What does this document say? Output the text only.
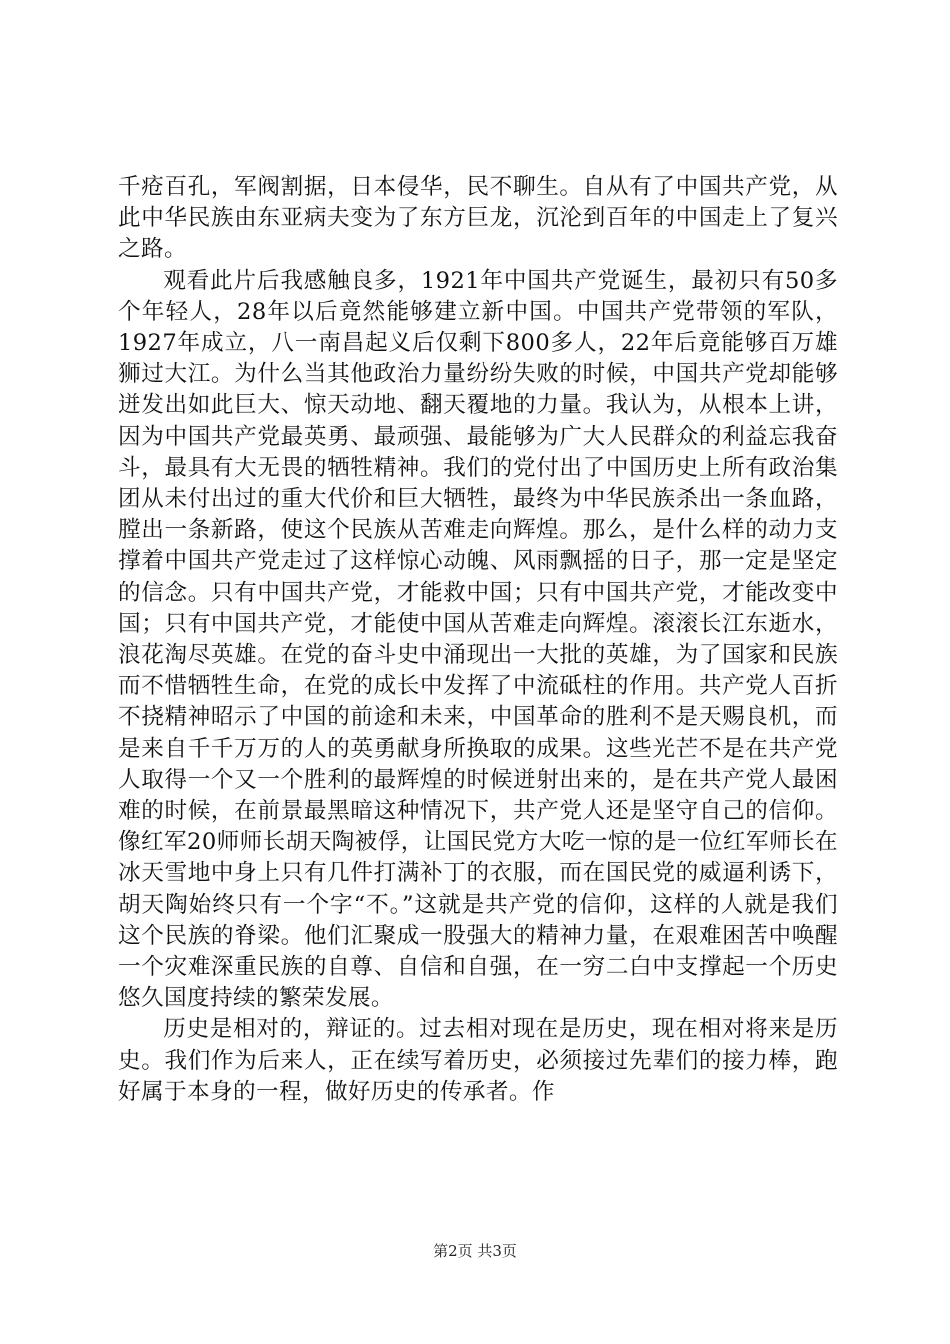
千疮百孔，军阀割据，日本侵华，民不聊生。自从有了中国共产党，从此中华民族由东亚病夫变为了东方巨龙，沉沦到百年的中国走上了复兴之路。

观看此片后我感触良多，1921年中国共产党诞生，最初只有50多个年轻人，28年以后竟然能够建立新中国。中国共产党带领的军队，1927年成立，八一南昌起义后仅剩下800多人，22年后竟能够百万雄狮过大江。为什么当其他政治力量纷纷失败的时候，中国共产党却能够迸发出如此巨大、惊天动地、翻天覆地的力量。我认为，从根本上讲，因为中国共产党最英勇、最顽强、最能够为广大人民群众的利益忘我奋斗，最具有大无畏的牺牲精神。我们的党付出了中国历史上所有政治集团从未付出过的重大代价和巨大牺牲，最终为中华民族杀出一条血路，膛出一条新路，使这个民族从苦难走向辉煌。那么，是什么样的动力支撑着中国共产党走过了这样惊心动魄、风雨飘摇的日子，那一定是坚定的信念。只有中国共产党，才能救中国；只有中国共产党，才能改变中国；只有中国共产党，才能使中国从苦难走向辉煌。滚滚长江东逝水，浪花淘尽英雄。在党的奋斗史中涌现出一大批的英雄，为了国家和民族而不惜牺牲生命，在党的成长中发挥了中流砥柱的作用。共产党人百折不挠精神昭示了中国的前途和未来，中国革命的胜利不是天赐良机，而是来自千千万万的人的英勇献身所换取的成果。这些光芒不是在共产党人取得一个又一个胜利的最辉煌的时候迸射出来的，是在共产党人最困难的时候，在前景最黑暗这种情况下，共产党人还是坚守自己的信仰。像红军20师师长胡天陶被俘，让国民党方大吃一惊的是一位红军师长在冰天雪地中身上只有几件打满补丁的衣服，而在国民党的威逼利诱下，胡天陶始终只有一个字“不。”这就是共产党的信仰，这样的人就是我们这个民族的脊梁。他们汇聚成一股强大的精神力量，在艰难困苦中唤醒一个灾难深重民族的自尊、自信和自强，在一穷二白中支撑起一个历史悠久国度持续的繁荣发展。

历史是相对的，辩证的。过去相对现在是历史，现在相对将来是历史。我们作为后来人，正在续写着历史，必须接过先辈们的接力棒，跑好属于本身的一程，做好历史的传承者。作

第2页 共3页
